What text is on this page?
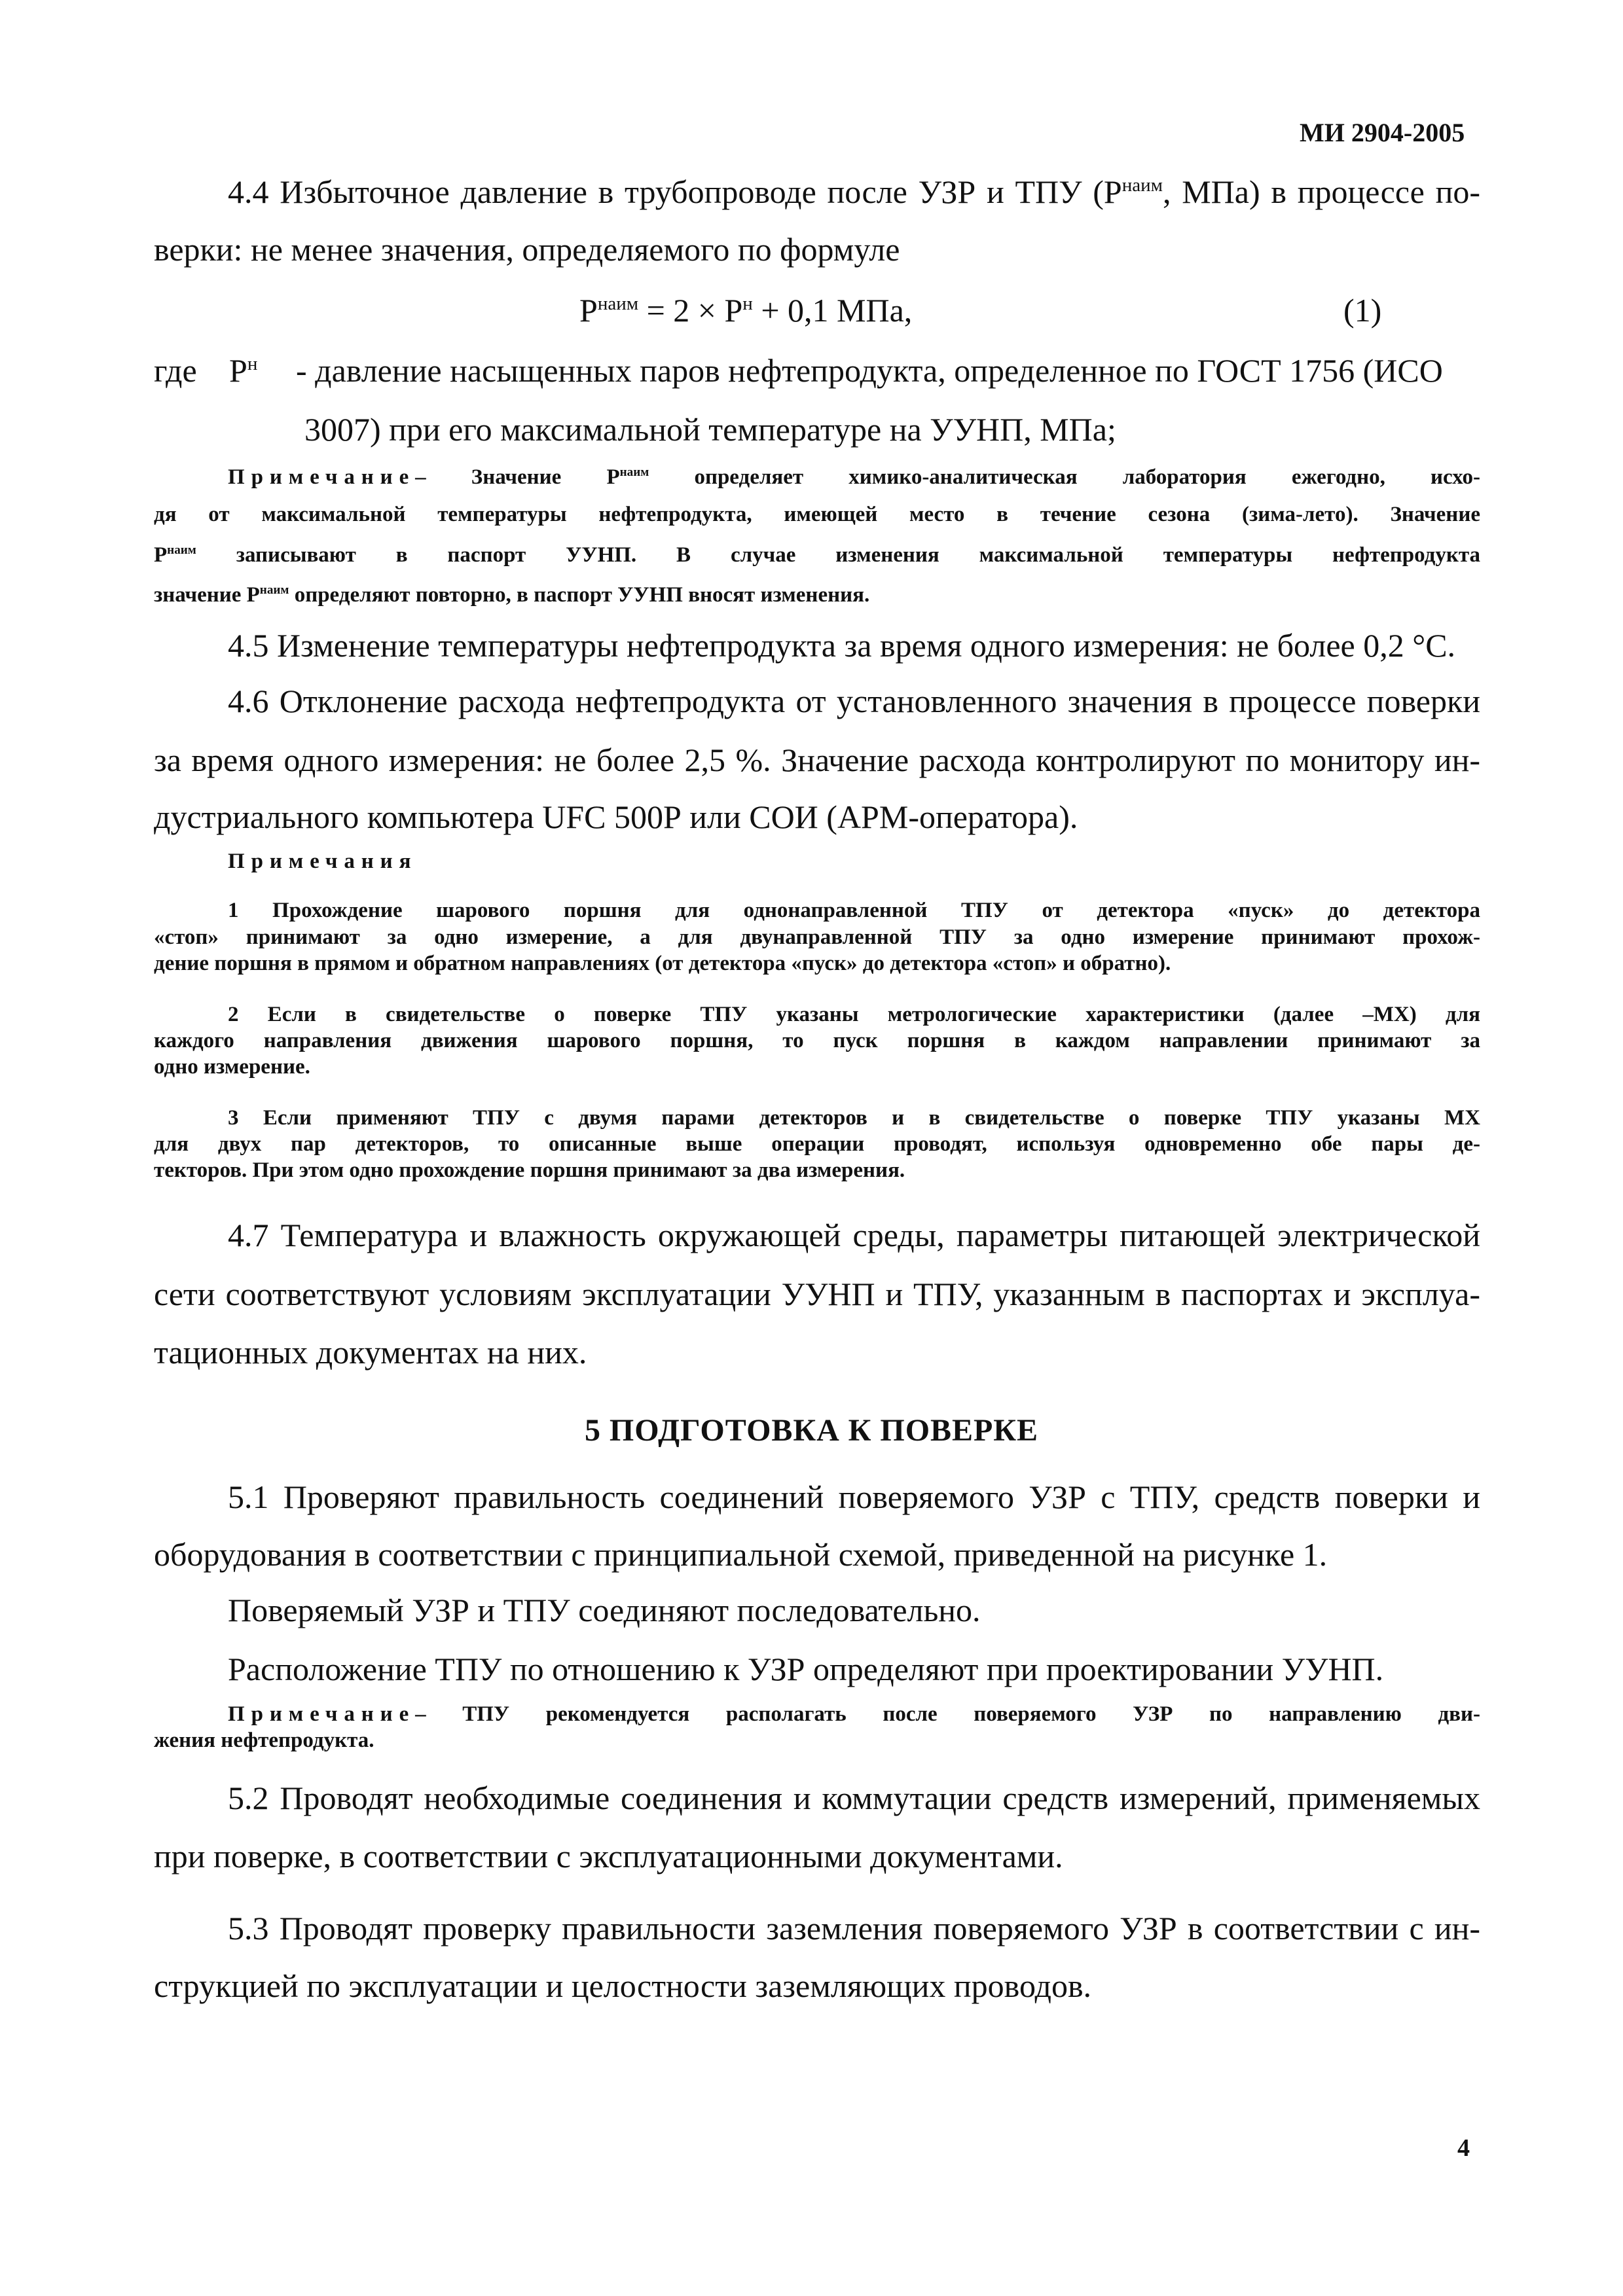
МИ 2904-2005
4.4 Избыточное давление в трубопроводе после УЗР и ТПУ ($Р^{наим}$, МПа) в процессе по-
верки: не менее значения, определяемого по формуле
$Р^{наим} = 2 \times Р^н + 0,1$ МПа,	(1)
где $Р^н$ - давление насыщенных паров нефтепродукта, определенное по ГОСТ 1756 (ИСО
3007) при его максимальной температуре на УУНП, МПа;
Примечание– Значение $Р^{наим}$ определяет химико-аналитическая лаборатория ежегодно, исхо-
дя от максимальной температуры нефтепродукта, имеющей место в течение сезона (зима-лето). Значение
$Р^{наим}$ записывают в паспорт УУНП. В случае изменения максимальной температуры нефтепродукта
значение $Р^{наим}$ определяют повторно, в паспорт УУНП вносят изменения.
4.5 Изменение температуры нефтепродукта за время одного измерения: не более 0,2 °С.
4.6 Отклонение расхода нефтепродукта от установленного значения в процессе поверки
за время одного измерения: не более 2,5 %. Значение расхода контролируют по монитору ин-
дустриального компьютера UFC 500Р или СОИ (АРМ-оператора).
Примечания
1 Прохождение шарового поршня для однонаправленной ТПУ от детектора «пуск» до детектора
«стоп» принимают за одно измерение, а для двунаправленной ТПУ за одно измерение принимают прохож-
дение поршня в прямом и обратном направлениях (от детектора «пуск» до детектора «стоп» и обратно).
2 Если в свидетельстве о поверке ТПУ указаны метрологические характеристики (далее –МХ) для
каждого направления движения шарового поршня, то пуск поршня в каждом направлении принимают за
одно измерение.
3 Если применяют ТПУ с двумя парами детекторов и в свидетельстве о поверке ТПУ указаны МХ
для двух пар детекторов, то описанные выше операции проводят, используя одновременно обе пары де-
текторов. При этом одно прохождение поршня принимают за два измерения.
4.7 Температура и влажность окружающей среды, параметры питающей электрической
сети соответствуют условиям эксплуатации УУНП и ТПУ, указанным в паспортах и эксплуа-
тационных документах на них.
5 ПОДГОТОВКА К ПОВЕРКЕ
5.1 Проверяют правильность соединений поверяемого УЗР с ТПУ, средств поверки и
оборудования в соответствии с принципиальной схемой, приведенной на рисунке 1.
Поверяемый УЗР и ТПУ соединяют последовательно.
Расположение ТПУ по отношению к УЗР определяют при проектировании УУНП.
Примечание– ТПУ рекомендуется располагать после поверяемого УЗР по направлению дви-
жения нефтепродукта.
5.2 Проводят необходимые соединения и коммутации средств измерений, применяемых
при поверке, в соответствии с эксплуатационными документами.
5.3 Проводят проверку правильности заземления поверяемого УЗР в соответствии с ин-
струкцией по эксплуатации и целостности заземляющих проводов.
4
